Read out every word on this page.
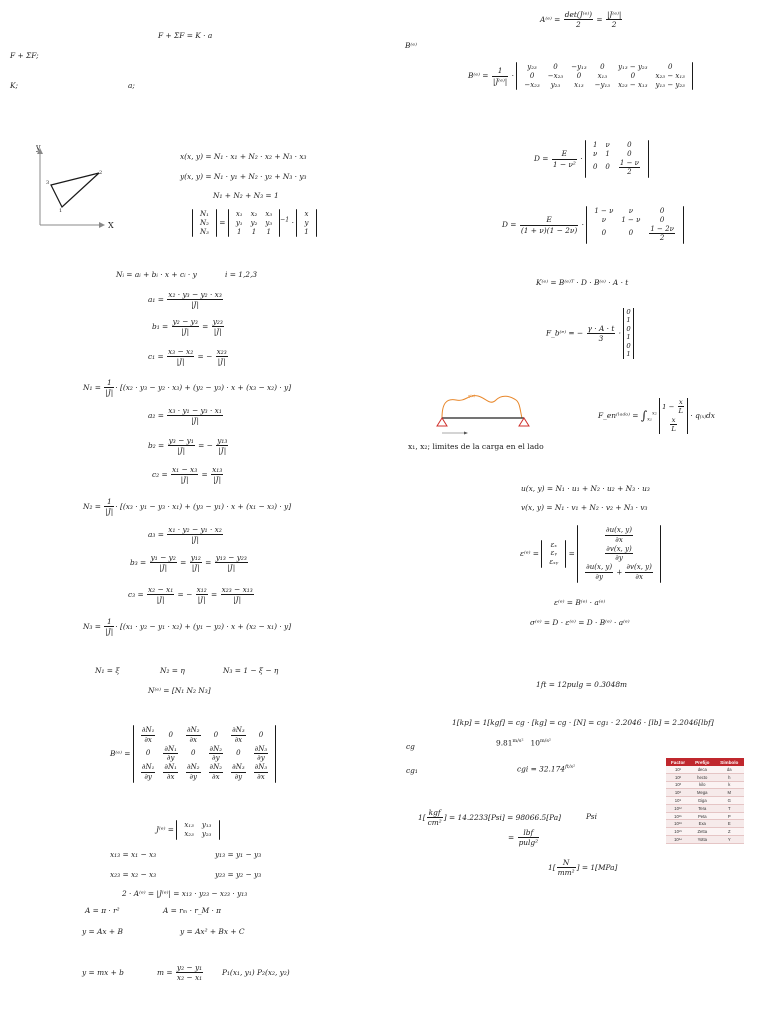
F + ΣF = K · a
F + ΣF;
K;	a;
y
X
3
2
1
x(x, y) = N₁ · x₁ + N₂ · x₂ + N₃ · x₃
y(x, y) = N₁ · y₁ + N₂ · y₂ + N₃ · y₃
N₁ + N₂ + N₃ = 1
N₁
N₂
N₃
=
x₁	x₂	x₃
y₁	y₂	y₃
1	1	1
$^{-1}$ ·
x
y
1
Nᵢ = aᵢ + bᵢ · x + cᵢ · y	i = 1,2,3
$a_1 = \frac{\text{x₂ · y₃ − y₂ · x₃}}{|J|}$
$b_1 = \frac{\text{y₂ − y₃}}{|J|} = \frac{\text{y₂₃}}{|J|}$
$c_1 = \frac{\text{x₃ − x₂}}{|J|}$ = − $\frac{\text{x₂₃}}{|J|}$
$N_1 = \frac{1}{|J|} \cdot [(x_2 \cdot y_3 - y_2 \cdot x_3) + (y_2 - y_3) \cdot x + (x_3 - x_2) \cdot y]$
$a_2 = \frac{\text{x₃ · y₁ − y₃ · x₁}}{|J|}$
$b_2 = \frac{\text{y₃ − y₁}}{|J|}$ = − $\frac{\text{y₁₃}}{|J|}$
$c_2 = \frac{\text{x₁ − x₃}}{|J|} = \frac{\text{x₁₃}}{|J|}$
$N_2 = \frac{1}{|J|} \cdot [(x_3 \cdot y_1 - y_3 \cdot x_1) + (y_3 - y_1) \cdot x + (x_1 - x_3) \cdot y]$
$a_3 = \frac{\text{x₁ · y₂ − y₁ · x₂}}{|J|}$
$b_3 = \frac{\text{y₁ − y₂}}{|J|} = \frac{\text{y₁₂}}{|J|} = \frac{\text{y₁₃ − y₂₃}}{|J|}$
$c_3 = \frac{\text{x₂ − x₁}}{|J|}$ = − $\frac{\text{x₁₂}}{|J|} = \frac{\text{x₂₃ − x₁₃}}{|J|}$
$N_3 = \frac{1}{|J|} \cdot [(x_1 \cdot y_2 - y_1 \cdot x_2) + (y_1 - y_2) \cdot x + (x_2 - x_1) \cdot y]$
N₁ = ξ	N₂ = η	N₃ = 1 − ξ − η
N⁽ᵉ⁾ = [N₁ N₂ N₃]
B⁽ᵉ⁾ =
$\frac{\text{∂N₁}}{\partial x}$	0	$\frac{\text{∂N₂}}{\partial x}$	0	$\frac{\text{∂N₃}}{\partial x}$	0
0	$\frac{\text{∂N₁}}{\partial y}$	0	$\frac{\text{∂N₂}}{\partial y}$	0	$\frac{\text{∂N₃}}{\partial y}$

$\frac{\text{∂N₁}}{\partial y}$	$\frac{\text{∂N₁}}{\partial x}$	$\frac{\text{∂N₂}}{\partial y}$	$\frac{\text{∂N₂}}{\partial x}$	$\frac{\text{∂N₃}}{\partial y}$	$\frac{\text{∂N₃}}{\partial x}$
J⁽ᵉ⁾ = x₁₃	y₁₃
x₂₃	y₂₃
x₁₃ = x₁ − x₃	y₁₃ = y₁ − y₃
x₂₃ = x₂ − x₃	y₂₃ = y₂ − y₃
2 · A⁽ᵉ⁾ = |J⁽ᵉ⁾| = x₁₃ · y₂₃ − x₂₃ · y₁₃
A = π · r²	A = rₘ · r_M · π
y = Ax + B	y = Ax² + Bx + C
y = mx + b	$m = \frac{\text{y₂ − y₁}}{\text{x₂ − x₁}}$	P₁(x₁, y₁) P₂(x₂, y₂)
A⁽ᵉ⁾ = $\frac{\text{det(J⁽ᵉ⁾)}}{2} = \frac{\text{|J⁽ᵉ⁾|}}{2}$
B⁽ᵉ⁾
B⁽ᵉ⁾ = $\frac{1}{\text{|J⁽ᵉ⁾|}}$ ·
y₂₃	0	−y₁₃	0	y₁₃ − y₂₃	0
0	−x₂₃	0	x₁₃	0	x₂₃ − x₁₃
−x₂₃	y₂₃	x₁₃	−y₁₃	x₂₃ − x₁₃	y₁₃ − y₂₃
$D = \frac{E}{\text{1 − ν²}}$ ·
1	ν	0
ν	1	0
0	0	$\frac{1 - \nu}{2}$
$D = \frac{E}{(1 + \nu)(1 - 2\nu)}$ ·
1 − ν	ν	0
ν	1 − ν	0
0	0	$\frac{1 - 2\nu}{2}$
K⁽ᵉ⁾ = B⁽ᵉ⁾ᵀ · D · B⁽ᵉ⁾ · A · t
F_b⁽ᵉ⁾ = − $\frac{\gamma \cdot A \cdot t}{3}$ ·
0
1
0
1
0
1
q(x)
F_en⁽ˡᵃᵈᵒ⁾ = $\int_{x_1}^{x_2}$
$1 - \frac{x}{L}$
$\frac{x}{L}$
· q₍ₓ₎dx
x₁, x₂; limites de la carga en el lado
u(x, y) = N₁ · u₁ + N₂ · u₂ + N₃ · u₃
v(x, y) = N₁ · v₁ + N₂ · v₂ + N₃ · v₃
ε⁽ᵉ⁾ =
εₓ
εᵧ
εₓᵧ
=
$\frac{\partial u(x, y)}{\partial x}$

$\frac{\partial v(x, y)}{\partial y}$

$\frac{\partial u(x, y)}{\partial y} + \frac{\partial v(x, y)}{\partial x}$
ε⁽ᵉ⁾ = B⁽ᵉ⁾ · a⁽ᵉ⁾
σ⁽ᵉ⁾ = D · ε⁽ᵉ⁾ = D · B⁽ᵉ⁾ · a⁽ᵉ⁾
1ft = 12pulg = 0.3048m
1[kp] = 1[kgf] = cg · [kg] = cg · [N] = cg₁ · 2.2046 · [lb] = 2.2046[lbf]
cg	$9.81^{m/s^2}$ $10^{m/s^2}$
cg₁	cgi = $32.174^{ft/s^2}$
$1[ \frac{\text{kgf}}{\text{cm²}}$ ] = 14.2233[Psi] = 98066.5[Pa]	Psi
= $\frac{\text{lbf}}{\text{pulg²}}$
$1[ \frac{N}{\text{mm²}}$ ] = 1[MPa]
Factor	Prefijo	Símbolo
10¹	deca	da
10²	hecto	h
10³	kilo	k
10⁶	Mega	M
10⁹	Giga	G
10¹²	Tera	T
10¹⁵	Peta	P
10¹⁸	Exa	E
10²¹	Zetta	Z
10²⁴	Yotta	Y
